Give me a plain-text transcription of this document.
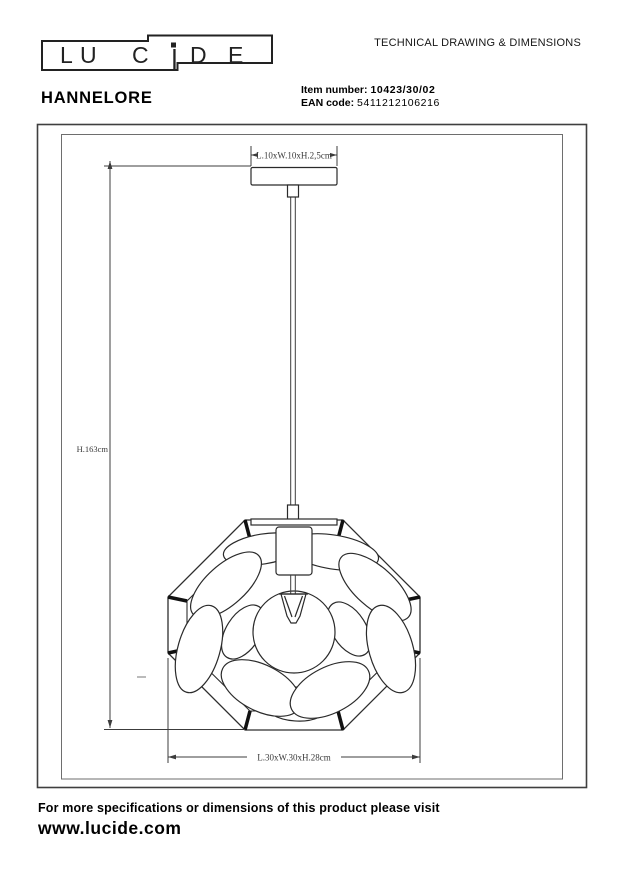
L U C D E	TECHNICAL DRAWING & DIMENSIONS
HANNELORE	Item number: 10423/30/02
EAN code: 5411212106216
L.10xW.10xH.2,5cm
H.163cm
L.30xW.30xH.28cm
For more specifications or dimensions of this product please visit
www.lucide.com
